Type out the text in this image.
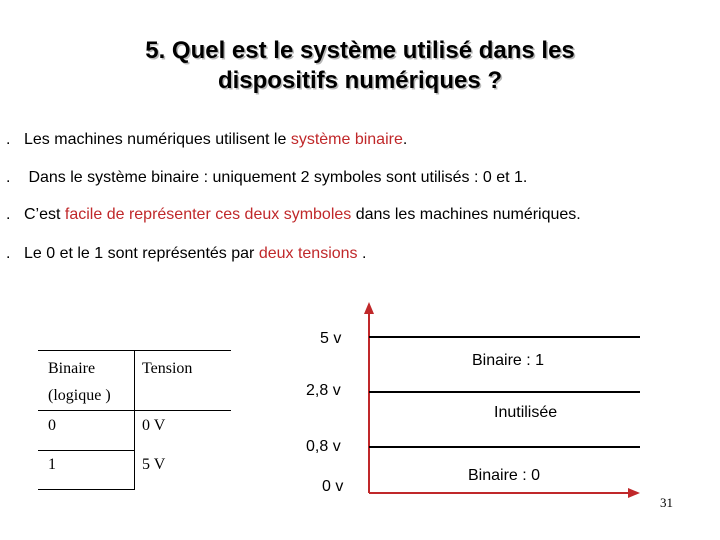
5. Quel est le système utilisé dans les
dispositifs numériques ?
. Les machines numériques utilisent le système binaire.
. Dans le système binaire : uniquement 2 symboles sont utilisés : 0 et 1.
. C’est facile de représenter ces deux symboles dans les machines numériques.
. Le 0 et le 1 sont représentés par deux tensions .
Binaire
(logique )
Tension
0	0 V
1	5 V
5 v
2,8 v
0,8 v
0 v
Binaire : 1
Inutilisée
Binaire : 0
31
